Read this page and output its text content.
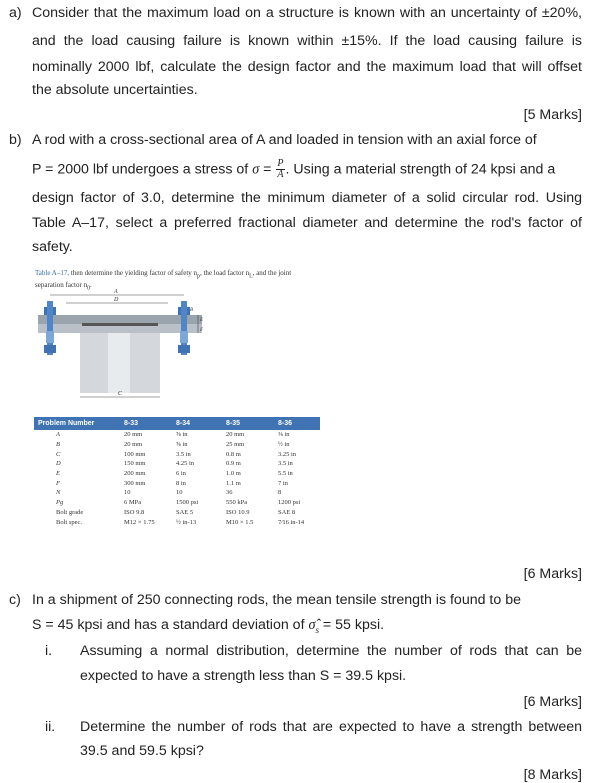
a) Consider that the maximum load on a structure is known with an uncertainty of ±20%,
and the load causing failure is known within ±15%. If the load causing failure is
nominally 2000 lbf, calculate the design factor and the maximum load that will offset
the absolute uncertainties.
[5 Marks]
b) A rod with a cross-sectional area of A and loaded in tension with an axial force of
P = 2000 lbf undergoes a stress of $\sigma = \frac{P}{A}$ . Using a material strength of 24 kpsi and a
design factor of 3.0, determine the minimum diameter of a solid circular rod. Using
Table A–17, select a preferred fractional diameter and determine the rod's factor of
safety.
Table A–17, then determine the yielding factor of safety $n_p$, the load factor $n_L$, and the joint
separation factor $n_0$.
A
D
C
E
F
B
Problem Number	8-33	8-34	8-35	8-36
A	20 mm	⅝ in	20 mm	⅜ in
B	20 mm	⅝ in	25 mm	½ in
C	100 mm	3.5 in	0.8 m	3.25 in
D	150 mm	4.25 in	0.9 m	3.5 in
E	200 mm	6 in	1.0 m	5.5 in
F	300 mm	8 in	1.1 m	7 in
N	10	10	36	8
Pg	6 MPa	1500 psi	550 kPa	1200 psi
Bolt grade	ISO 9.8	SAE 5	ISO 10.9	SAE 8
Bolt spec.	M12 × 1.75	½ in-13	M10 × 1.5	7⁄16 in-14
[6 Marks]
c) In a shipment of 250 connecting rods, the mean tensile strength is found to be
S = 45 kpsi and has a standard deviation of $\sigmâ_s = 55$ kpsi.
i. Assuming a normal distribution, determine the number of rods that can be
expected to have a strength less than S = 39.5 kpsi.
[6 Marks]
ii. Determine the number of rods that are expected to have a strength between
39.5 and 59.5 kpsi?
[8 Marks]
